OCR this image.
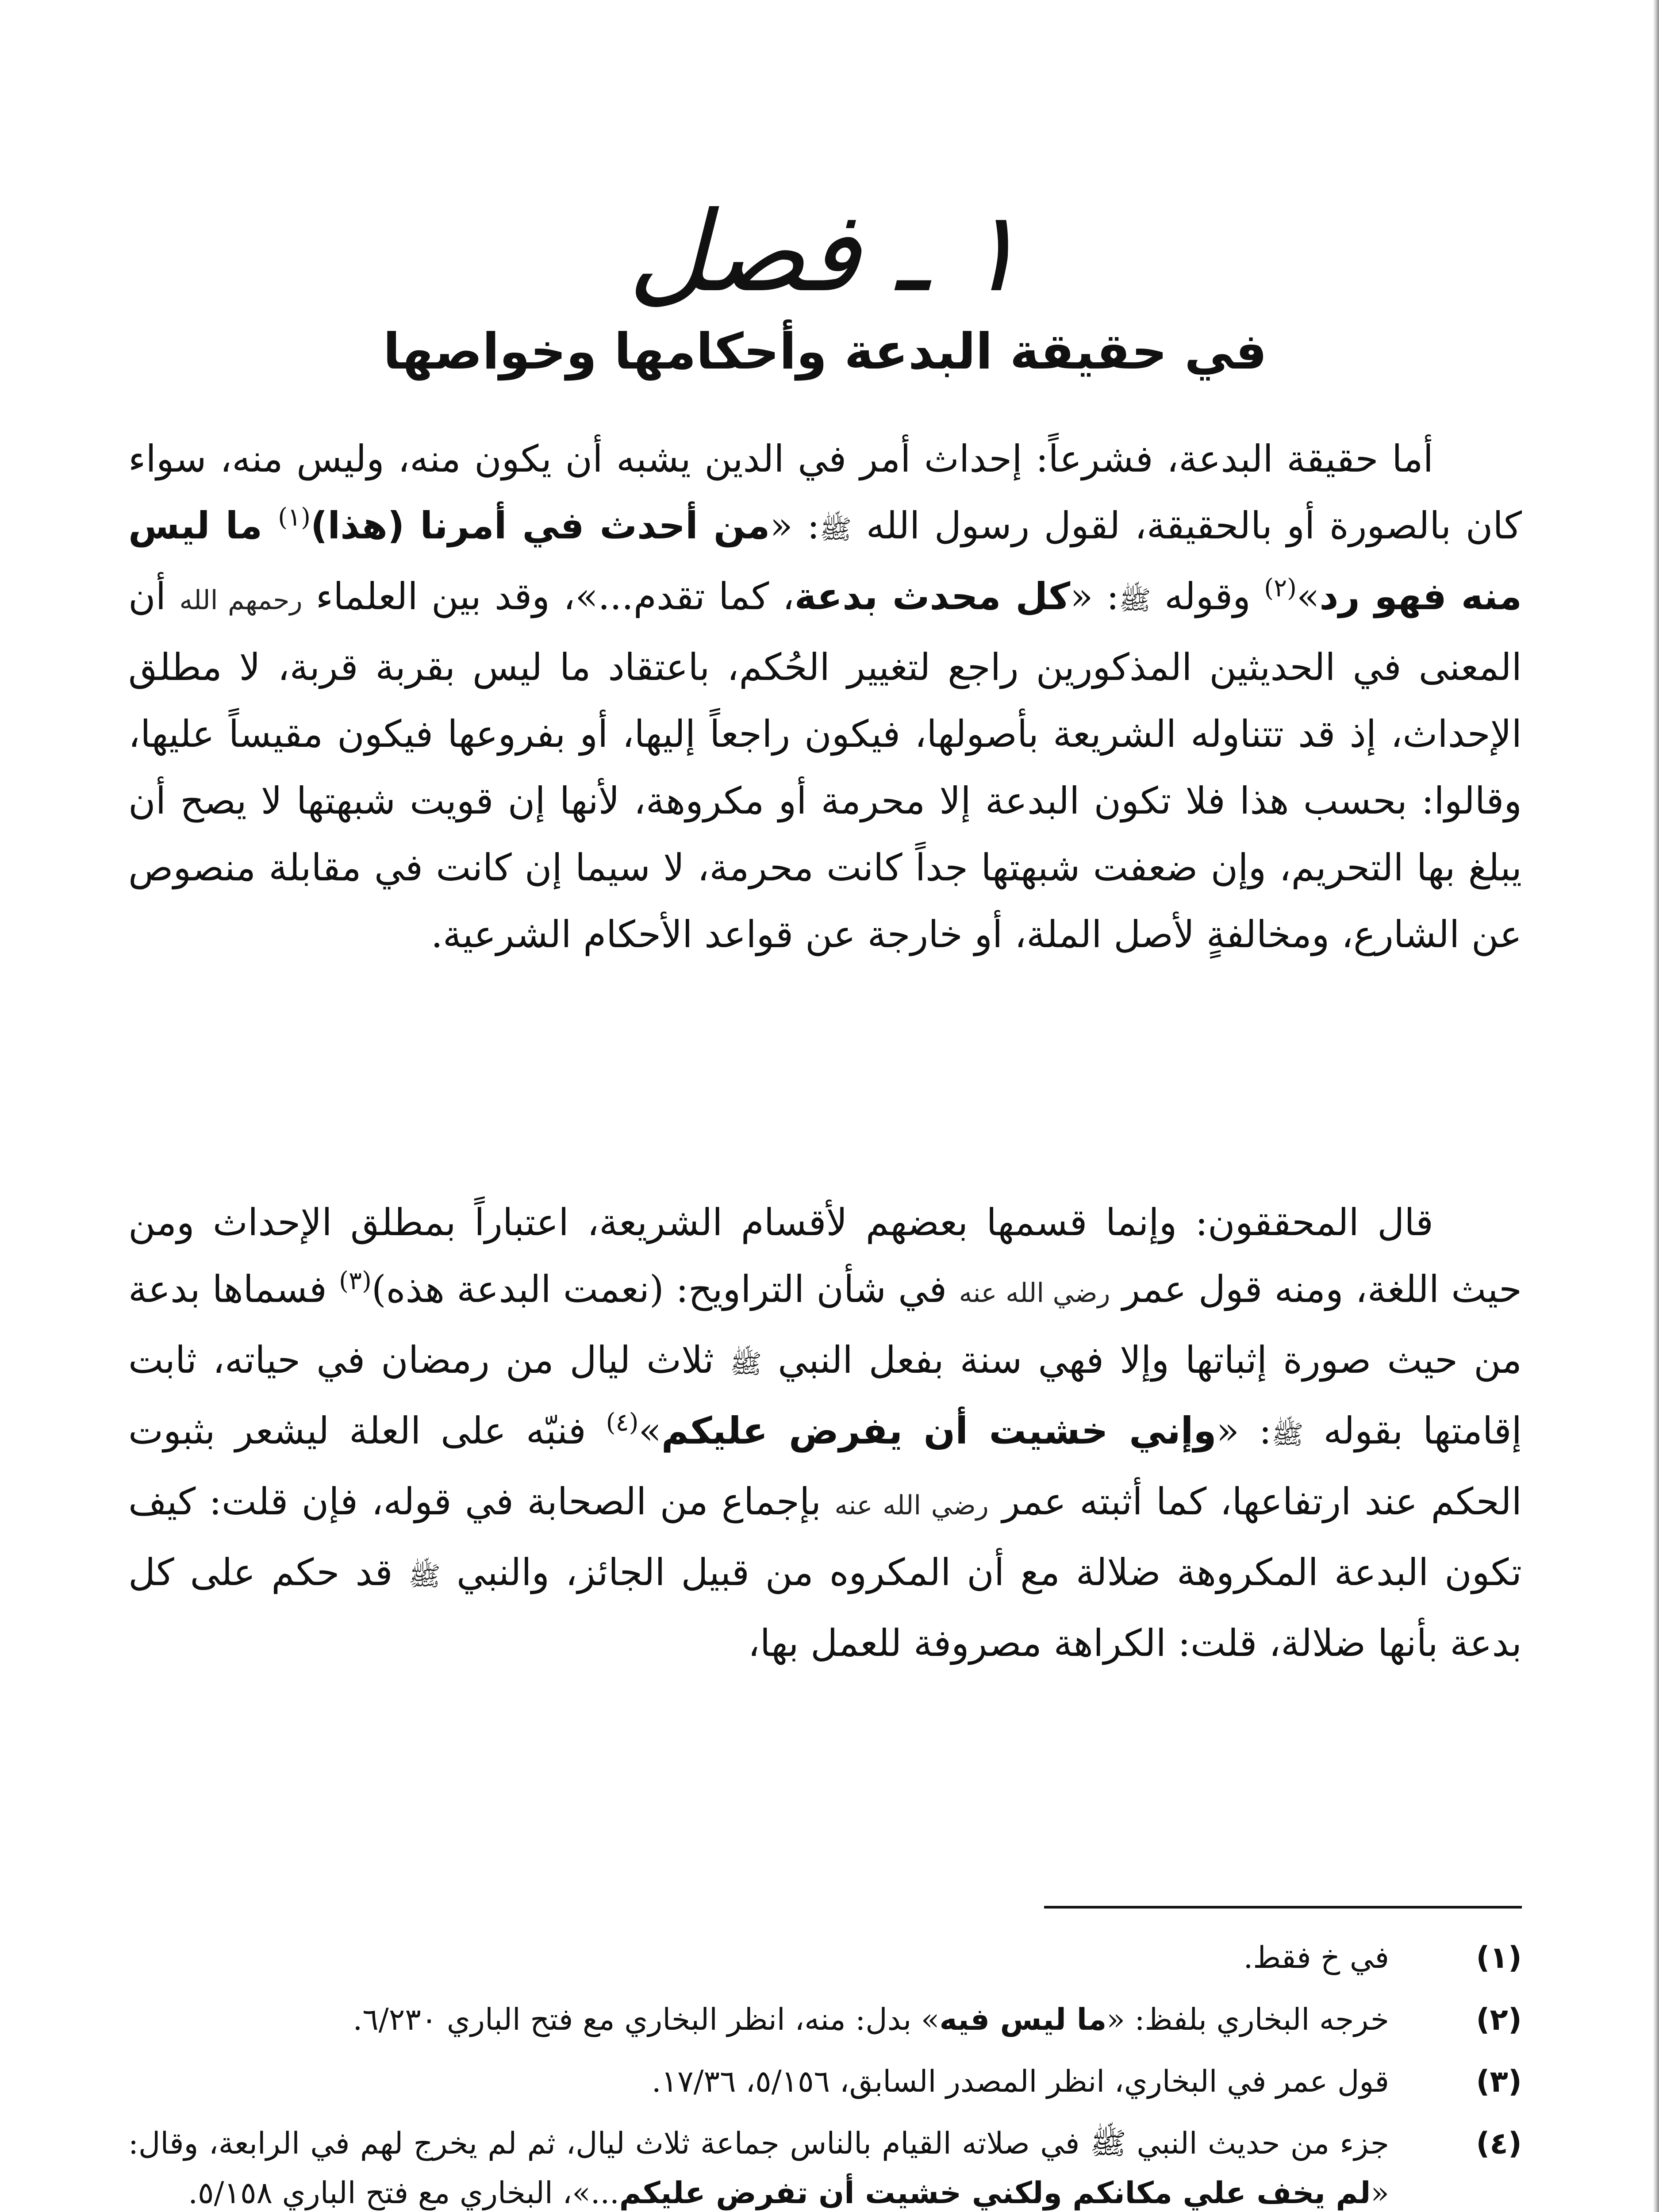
١ ـ فصل
في حقيقة البدعة وأحكامها وخواصها

أما حقيقة البدعة، فشرعاً: إحداث أمر في الدين يشبه أن يكون منه، وليس منه، سواء كان بالصورة أو بالحقيقة، لقول رسول الله ﷺ: «من أحدث في أمرنا (هذا)$^{(١)}$ ما ليس منه فهو رد»$^{(٢)}$ وقوله ﷺ: «كل محدث بدعة، كما تقدم...»، وقد بين العلماء رحمهم الله أن المعنى في الحديثين المذكورين راجع لتغيير الحُكم، باعتقاد ما ليس بقربة قربة، لا مطلق الإحداث، إذ قد تتناوله الشريعة بأصولها، فيكون راجعاً إليها، أو بفروعها فيكون مقيساً عليها، وقالوا: بحسب هذا فلا تكون البدعة إلا محرمة أو مكروهة، لأنها إن قويت شبهتها لا يصح أن يبلغ بها التحريم، وإن ضعفت شبهتها جداً كانت محرمة، لا سيما إن كانت في مقابلة منصوص عن الشارع، ومخالفةٍ لأصل الملة، أو خارجة عن قواعد الأحكام الشرعية.

قال المحققون: وإنما قسمها بعضهم لأقسام الشريعة، اعتباراً بمطلق الإحداث ومن حيث اللغة، ومنه قول عمر رضي الله عنه في شأن التراويح: (نعمت البدعة هذه)$^{(٣)}$ فسماها بدعة من حيث صورة إثباتها وإلا فهي سنة بفعل النبي ﷺ ثلاث ليال من رمضان في حياته، ثابت إقامتها بقوله ﷺ: «وإني خشيت أن يفرض عليكم»$^{(٤)}$ فنبّه على العلة ليشعر بثبوت الحكم عند ارتفاعها، كما أثبته عمر رضي الله عنه بإجماع من الصحابة في قوله، فإن قلت: كيف تكون البدعة المكروهة ضلالة مع أن المكروه من قبيل الجائز، والنبي ﷺ قد حكم على كل بدعة بأنها ضلالة، قلت: الكراهة مصروفة للعمل بها،

(١)
في خ فقط.
(٢)
خرجه البخاري بلفظ: «ما ليس فيه» بدل: منه، انظر البخاري مع فتح الباري ٦/٢٣٠.
(٣)
قول عمر في البخاري، انظر المصدر السابق، ٥/١٥٦، ١٧/٣٦.
(٤)
جزء من حديث النبي ﷺ في صلاته القيام بالناس جماعة ثلاث ليال، ثم لم يخرج لهم في الرابعة، وقال: «لم يخف علي مكانكم ولكني خشيت أن تفرض عليكم...»، البخاري مع فتح الباري ٥/١٥٨.
